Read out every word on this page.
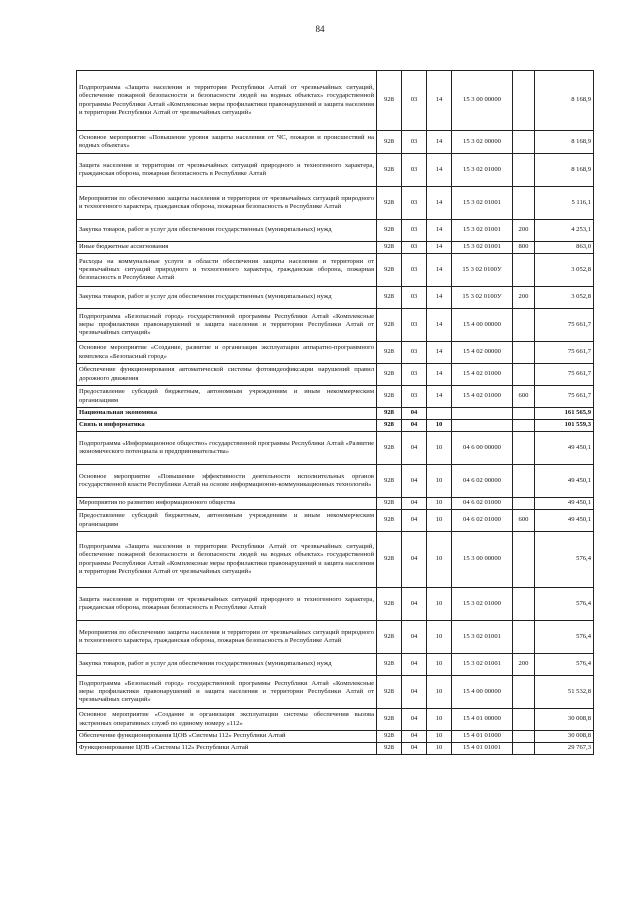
84
Подпрограмма «Защита населения и территории Республики Алтай от чрезвычайных ситуаций, обеспечение пожарной безопасности и безопасности людей на водных объектах» государственной программы Республики Алтай «Комплексные меры профилактики правонарушений и защита населения и территории Республики Алтай от чрезвычайных ситуаций»	928	03	14	15 3 00 00000		8 168,9
Основное мероприятие «Повышение уровня защиты населения от ЧС, пожаров и происшествий на водных объектах»	928	03	14	15 3 02 00000		8 168,9
Защита населения и территории от чрезвычайных ситуаций природного и техногенного характера, гражданская оборона, пожарная безопасность в Республике Алтай	928	03	14	15 3 02 01000		8 168,9
Мероприятия по обеспечению защиты населения и территории от чрезвычайных ситуаций природного и техногенного характера, гражданская оборона, пожарная безопасность в Республике Алтай	928	03	14	15 3 02 01001		5 116,1
Закупка товаров, работ и услуг для обеспечения государственных (муниципальных) нужд	928	03	14	15 3 02 01001	200	4 253,1
Иные бюджетные ассигнования	928	03	14	15 3 02 01001	800	863,0
Расходы на коммунальные услуги в области обеспечения защиты населения и территории от чрезвычайных ситуаций природного и техногенного характера, гражданская оборона, пожарная безопасность в Республике Алтай	928	03	14	15 3 02 0100У		3 052,8
Закупка товаров, работ и услуг для обеспечения государственных (муниципальных) нужд	928	03	14	15 3 02 0100У	200	3 052,8
Подпрограмма «Безопасный город» государственной программы Республики Алтай «Комплексные меры профилактики правонарушений и защита населения и территории Республики Алтай от чрезвычайных ситуаций»	928	03	14	15 4 00 00000		75 661,7
Основное мероприятие «Создание, развитие и организация эксплуатации аппаратно-программного комплекса «Безопасный город»	928	03	14	15 4 02 00000		75 661,7
Обеспечение функционирования автоматической системы фотовидеофиксации нарушений правил дорожного движения	928	03	14	15 4 02 01000		75 661,7
Предоставление субсидий бюджетным, автономным учреждениям и иным некоммерческим организациям	928	03	14	15 4 02 01000	600	75 661,7
Национальная экономика	928	04				161 565,9
Связь и информатика	928	04	10			101 559,3
Подпрограмма «Информационное общество» государственной программы Республики Алтай «Развитие экономического потенциала и предпринимательства»	928	04	10	04 6 00 00000		49 450,1
Основное мероприятие «Повышение эффективности деятельности исполнительных органов государственной власти Республики Алтай на основе информационно-коммуникационных технологий»	928	04	10	04 6 02 00000		49 450,1
Мероприятия по развитию информационного общества	928	04	10	04 6 02 01000		49 450,1
Предоставление субсидий бюджетным, автономным учреждениям и иным некоммерческим организациям	928	04	10	04 6 02 01000	600	49 450,1
Подпрограмма «Защита населения и территории Республики Алтай от чрезвычайных ситуаций, обеспечение пожарной безопасности и безопасности людей на водных объектах» государственной программы Республики Алтай «Комплексные меры профилактики правонарушений и защита населения и территории Республики Алтай от чрезвычайных ситуаций»	928	04	10	15 3 00 00000		576,4
Защита населения и территории от чрезвычайных ситуаций природного и техногенного характера, гражданская оборона, пожарная безопасность в Республике Алтай	928	04	10	15 3 02 01000		576,4
Мероприятия по обеспечению защиты населения и территории от чрезвычайных ситуаций природного и техногенного характера, гражданская оборона, пожарная безопасность в Республике Алтай	928	04	10	15 3 02 01001		576,4
Закупка товаров, работ и услуг для обеспечения государственных (муниципальных) нужд	928	04	10	15 3 02 01001	200	576,4
Подпрограмма «Безопасный город» государственной программы Республики Алтай «Комплексные меры профилактики правонарушений и защита населения и территории Республики Алтай от чрезвычайных ситуаций»	928	04	10	15 4 00 00000		51 532,8
Основное мероприятие «Создание и организация эксплуатации системы обеспечения вызова экстренных оперативных служб по единому номеру «112»	928	04	10	15 4 01 00000		30 008,8
Обеспечение функционирования ЦОВ «Системы 112» Республики Алтай	928	04	10	15 4 01 01000		30 008,8
Функционирование ЦОВ «Системы 112» Республики Алтай	928	04	10	15 4 01 01001		29 767,3
